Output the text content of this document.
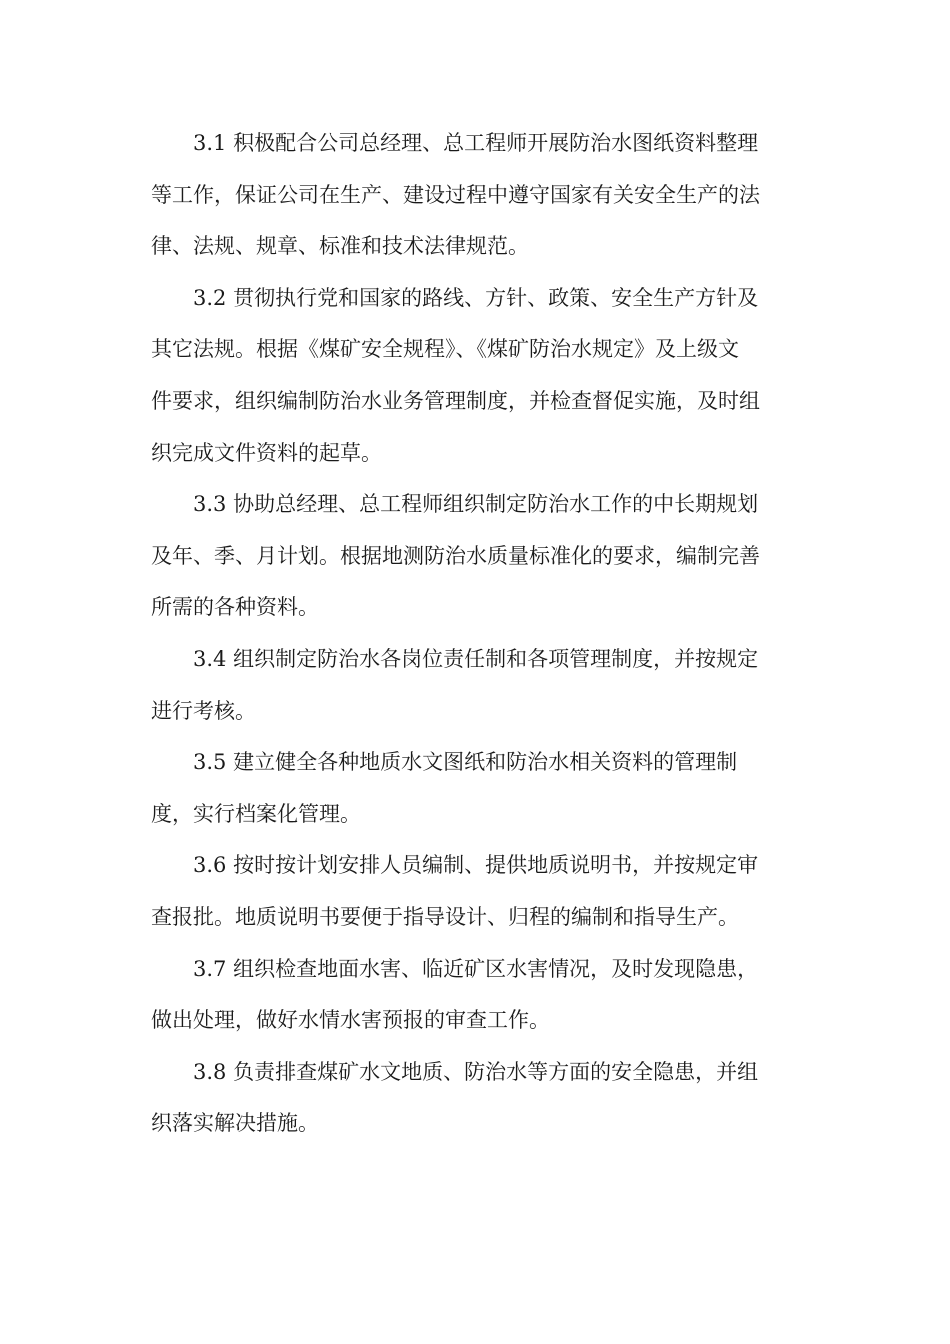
3.1 积极配合公司总经理、总工程师开展防治水图纸资料整理
等工作，保证公司在生产、建设过程中遵守国家有关安全生产的法
律、法规、规章、标准和技术法律规范。
3.2 贯彻执行党和国家的路线、方针、政策、安全生产方针及
其它法规。根据《煤矿安全规程》、《煤矿防治水规定》及上级文
件要求，组织编制防治水业务管理制度，并检查督促实施，及时组
织完成文件资料的起草。
3.3 协助总经理、总工程师组织制定防治水工作的中长期规划
及年、季、月计划。根据地测防治水质量标准化的要求，编制完善
所需的各种资料。
3.4 组织制定防治水各岗位责任制和各项管理制度，并按规定
进行考核。
3.5 建立健全各种地质水文图纸和防治水相关资料的管理制
度，实行档案化管理。
3.6 按时按计划安排人员编制、提供地质说明书，并按规定审
查报批。地质说明书要便于指导设计、归程的编制和指导生产。
3.7 组织检查地面水害、临近矿区水害情况，及时发现隐患，
做出处理，做好水情水害预报的审查工作。
3.8 负责排查煤矿水文地质、防治水等方面的安全隐患，并组
织落实解决措施。
